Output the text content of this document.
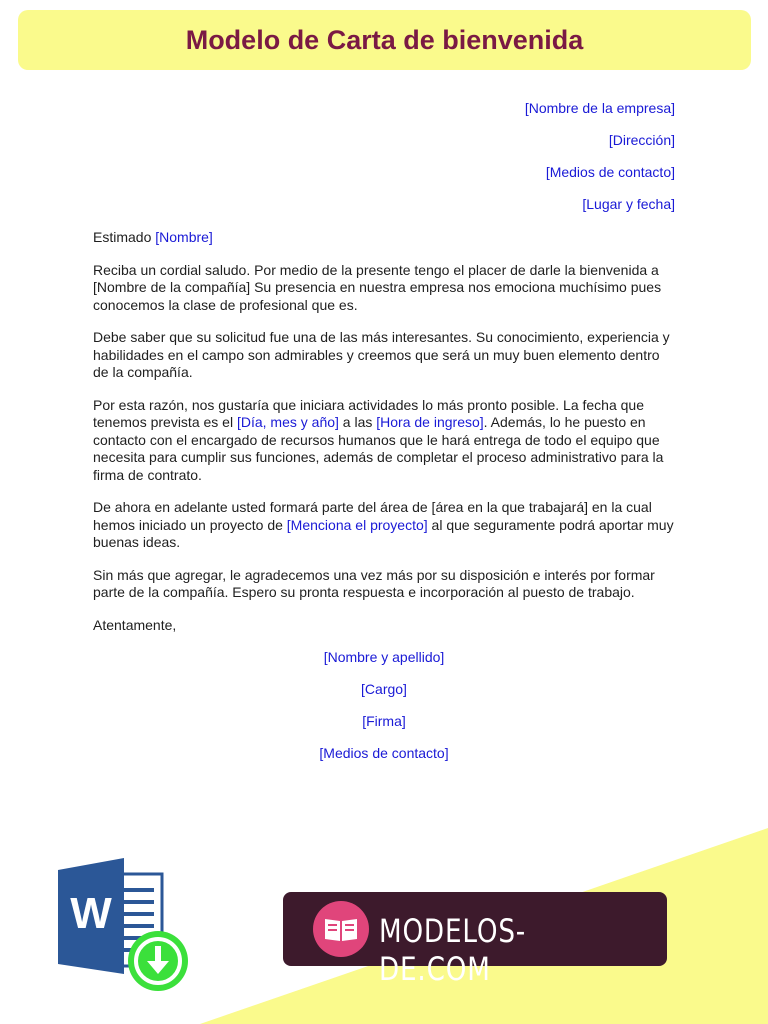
Modelo de Carta de bienvenida
[Nombre de la empresa]
[Dirección]
[Medios de contacto]
[Lugar y fecha]

Estimado [Nombre]

Reciba un cordial saludo. Por medio de la presente tengo el placer de darle la bienvenida a [Nombre de la compañía] Su presencia en nuestra empresa nos emociona muchísimo pues conocemos la clase de profesional que es.

Debe saber que su solicitud fue una de las más interesantes. Su conocimiento, experiencia y habilidades en el campo son admirables y creemos que será un muy buen elemento dentro de la compañía.

Por esta razón, nos gustaría que iniciara actividades lo más pronto posible. La fecha que tenemos prevista es el [Día, mes y año] a las [Hora de ingreso]. Además, lo he puesto en contacto con el encargado de recursos humanos que le hará entrega de todo el equipo que necesita para cumplir sus funciones, además de completar el proceso administrativo para la firma de contrato.

De ahora en adelante usted formará parte del área de [área en la que trabajará] en la cual hemos iniciado un proyecto de [Menciona el proyecto] al que seguramente podrá aportar muy buenas ideas.

Sin más que agregar, le agradecemos una vez más por su disposición e interés por formar parte de la compañía. Espero su pronta respuesta e incorporación al puesto de trabajo.

Atentamente,

[Nombre y apellido]
[Cargo]
[Firma]
[Medios de contacto]
W	MODELOS-DE.COM
